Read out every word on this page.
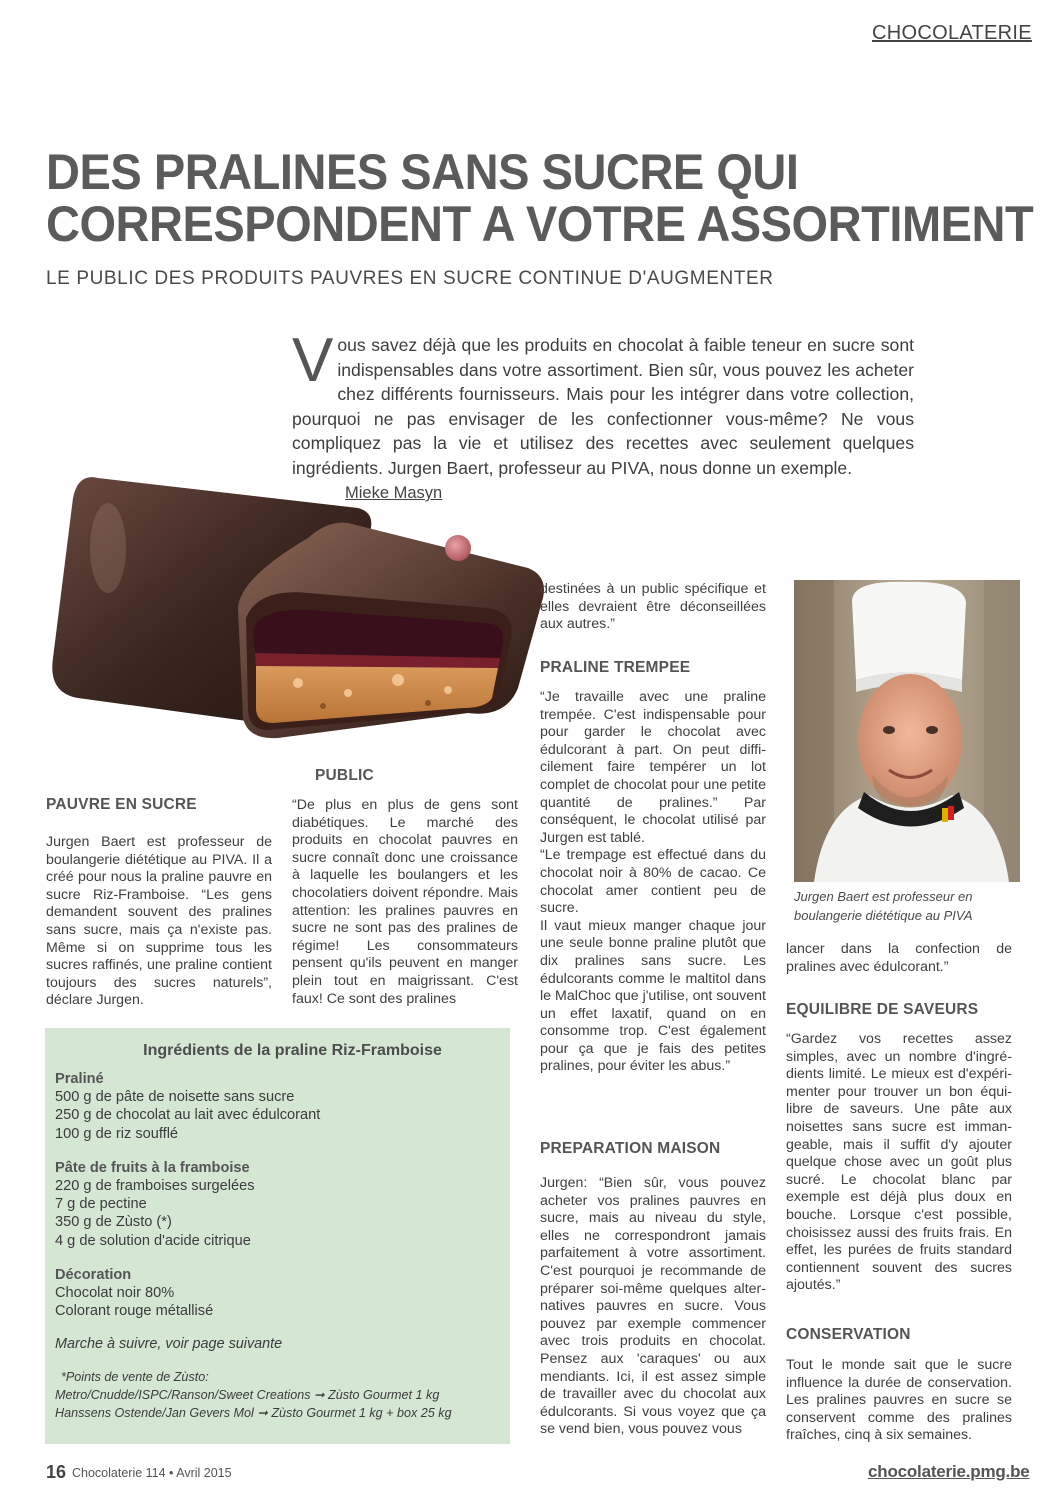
CHOCOLATERIE
DES PRALINES SANS SUCRE QUI
CORRESPONDENT A VOTRE ASSORTIMENT
LE PUBLIC DES PRODUITS PAUVRES EN SUCRE CONTINUE D'AUGMENTER
Vous savez déjà que les produits en chocolat à faible teneur en sucre sont indispensables dans votre assortiment. Bien sûr, vous pouvez les acheter chez différents fournisseurs. Mais pour les intégrer dans votre collection, pourquoi ne pas envisager de les confectionner vous-même? Ne vous compliquez pas la vie et utilisez des recettes avec seulement quelques ingrédients. Jurgen Baert, professeur au PIVA, nous donne un exemple.
Mieke Masyn
PAUVRE EN SUCRE

Jurgen Baert est professeur de boulangerie diététique au PIVA. Il a créé pour nous la praline pauvre en sucre Riz-Framboise. “Les gens demandent souvent des pralines sans sucre, mais ça n'existe pas. Même si on supprime tous les sucres raffinés, une praline contient toujours des sucres naturels”, déclare Jurgen.

PUBLIC

“De plus en plus de gens sont diabétiques. Le marché des produits en chocolat pauvres en sucre connaît donc une croissance à laquelle les boulangers et les chocolatiers doivent répondre. Mais attention: les pralines pauvres en sucre ne sont pas des pralines de régime! Les consommateurs pensent qu'ils peuvent en manger plein tout en maigrissant. C'est faux! Ce sont des pralines

destinées à un public spécifique et elles devraient être déconseillées aux autres.”

PRALINE TREMPEE

“Je travaille avec une praline trempée. C'est indispensable pour pour garder le chocolat avec édulcorant à part. On peut difficilement faire tempérer un lot complet de chocolat pour une petite quantité de pralines.” Par conséquent, le chocolat utilisé par Jurgen est tablé.

“Le trempage est effectué dans du chocolat noir à 80% de cacao. Ce chocolat amer contient peu de sucre.

Il vaut mieux manger chaque jour une seule bonne praline plutôt que dix pralines sans sucre. Les édulcorants comme le maltitol dans le MalChoc que j'utilise, ont souvent un effet laxatif, quand on en consomme trop. C'est également pour ça que je fais des petites pralines, pour éviter les abus.”

PREPARATION MAISON

Jurgen: “Bien sûr, vous pouvez acheter vos pralines pauvres en sucre, mais au niveau du style, elles ne correspondront jamais parfaitement à votre assortiment. C'est pourquoi je recommande de préparer soi-même quelques alternatives pauvres en sucre. Vous pouvez par exemple commencer avec trois produits en chocolat. Pensez aux 'caraques' ou aux mendiants. Ici, il est assez simple de travailler avec du chocolat aux édulcorants. Si vous voyez que ça se vend bien, vous pouvez vous

Jurgen Baert est professeur en boulangerie diététique au PIVA

lancer dans la confection de pralines avec édulcorant.”

EQUILIBRE DE SAVEURS

“Gardez vos recettes assez simples, avec un nombre d'ingrédients limité. Le mieux est d'expérimenter pour trouver un bon équilibre de saveurs. Une pâte aux noisettes sans sucre est immangeable, mais il suffit d'y ajouter quelque chose avec un goût plus sucré. Le chocolat blanc par exemple est déjà plus doux en bouche. Lorsque c'est possible, choisissez aussi des fruits frais. En effet, les purées de fruits standard contiennent souvent des sucres ajoutés.”

CONSERVATION

Tout le monde sait que le sucre influence la durée de conservation. Les pralines pauvres en sucre se conservent comme des pralines fraîches, cinq à six semaines.

Ingrédients de la praline Riz-Framboise
Praliné
500 g de pâte de noisette sans sucre
250 g de chocolat au lait avec édulcorant
100 g de riz soufflé
Pâte de fruits à la framboise
220 g de framboises surgelées
7 g de pectine
350 g de Zùsto (*)
4 g de solution d'acide citrique
Décoration
Chocolat noir 80%
Colorant rouge métallisé
Marche à suivre, voir page suivante
*Points de vente de Zùsto:
Metro/Cnudde/ISPC/Ranson/Sweet Creations ➞ Zùsto Gourmet 1 kg
Hanssens Ostende/Jan Gevers Mol ➞ Zùsto Gourmet 1 kg + box 25 kg
16 Chocolaterie 114 • Avril 2015	chocolaterie.pmg.be
